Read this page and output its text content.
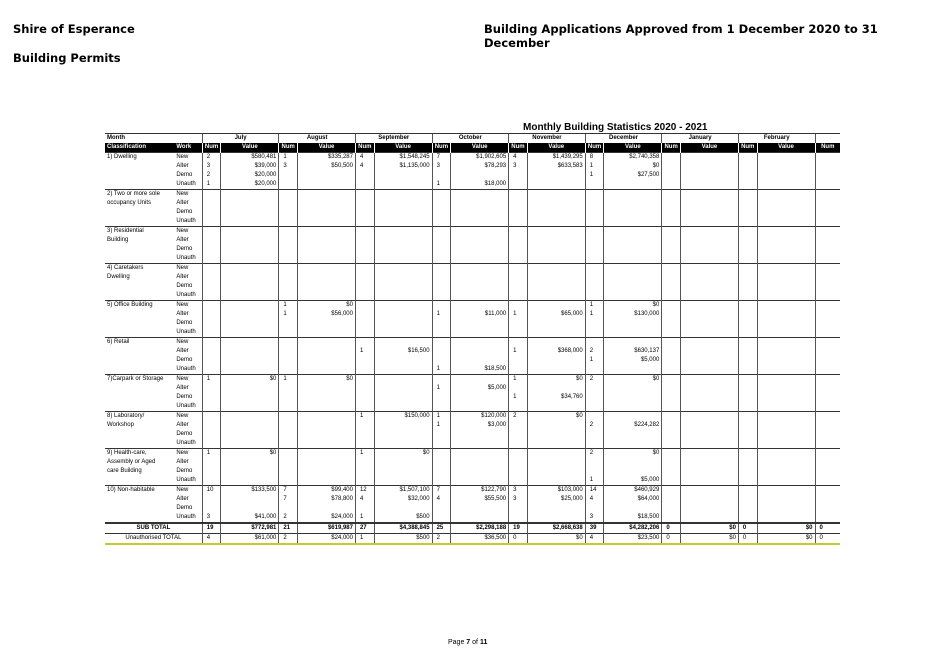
Shire of Esperance	Building Applications Approved from 1 December 2020 to 31 December
Building Permits
Monthly Building Statistics 2020 - 2021
Month		July		August		September		October		November		December		January		February		
Classification	Work	Num	Value	Num	Value	Num	Value	Num	Value	Num	Value	Num	Value	Num	Value	Num	Value	Num
1) Dwelling	New	2	$580,481	1	$335,287	4	$1,548,245	7	$1,902,605	4	$1,439,295	8	$2,740,358					
	Alter	3	$39,000	3	$50,500	4	$1,135,000	3	$78,293	3	$633,583	1	$0					
	Demo	2	$20,000									1	$27,500					
	Unauth	1	$20,000					1	$18,000									
2) Two or more sole	New																	
occupancy Units	Alter																	
	Demo																	
	Unauth																	
3) Residential	New																	
Building	Alter																	
	Demo																	
	Unauth																	
4) Caretakers	New																	
Dwelling	Alter																	
	Demo																	
	Unauth																	
5) Office Building	New			1	$0							1	$0					
	Alter			1	$56,000			1	$11,000	1	$65,000	1	$130,000					
	Demo																	
	Unauth																	
6) Retail	New																	
	Alter					1	$16,500			1	$368,000	2	$630,137					
	Demo											1	$5,000					
	Unauth							1	$18,500									
7)Carpark or Storage	New	1	$0	1	$0					1	$0	2	$0					
	Alter							1	$5,000									
	Demo									1	$34,760							
	Unauth																	
8) Laboratory/	New					1	$150,000	1	$120,000	2	$0							
Workshop	Alter							1	$3,000			2	$224,282					
	Demo																	
	Unauth																	
9) Health-care,	New	1	$0			1	$0					2	$0					
Assembly or Aged	Alter																	
care Building	Demo																	
	Unauth											1	$5,000					
10) Non-habitable	New	10	$133,500	7	$99,400	12	$1,507,100	7	$122,790	3	$103,000	14	$460,929					
	Alter			7	$78,800	4	$32,000	4	$55,500	3	$25,000	4	$64,000					
	Demo																	
	Unauth	3	$41,000	2	$24,000	1	$500					3	$18,500					
SUB TOTAL		19	$772,981	21	$619,987	27	$4,388,845	25	$2,298,188	19	$2,668,638	39	$4,282,206	0	$0	0	$0	0
Unauthorised TOTAL		4	$61,000	2	$24,000	1	$500	2	$36,500	0	$0	4	$23,500	0	$0	0	$0	0
Page 7 of 11
